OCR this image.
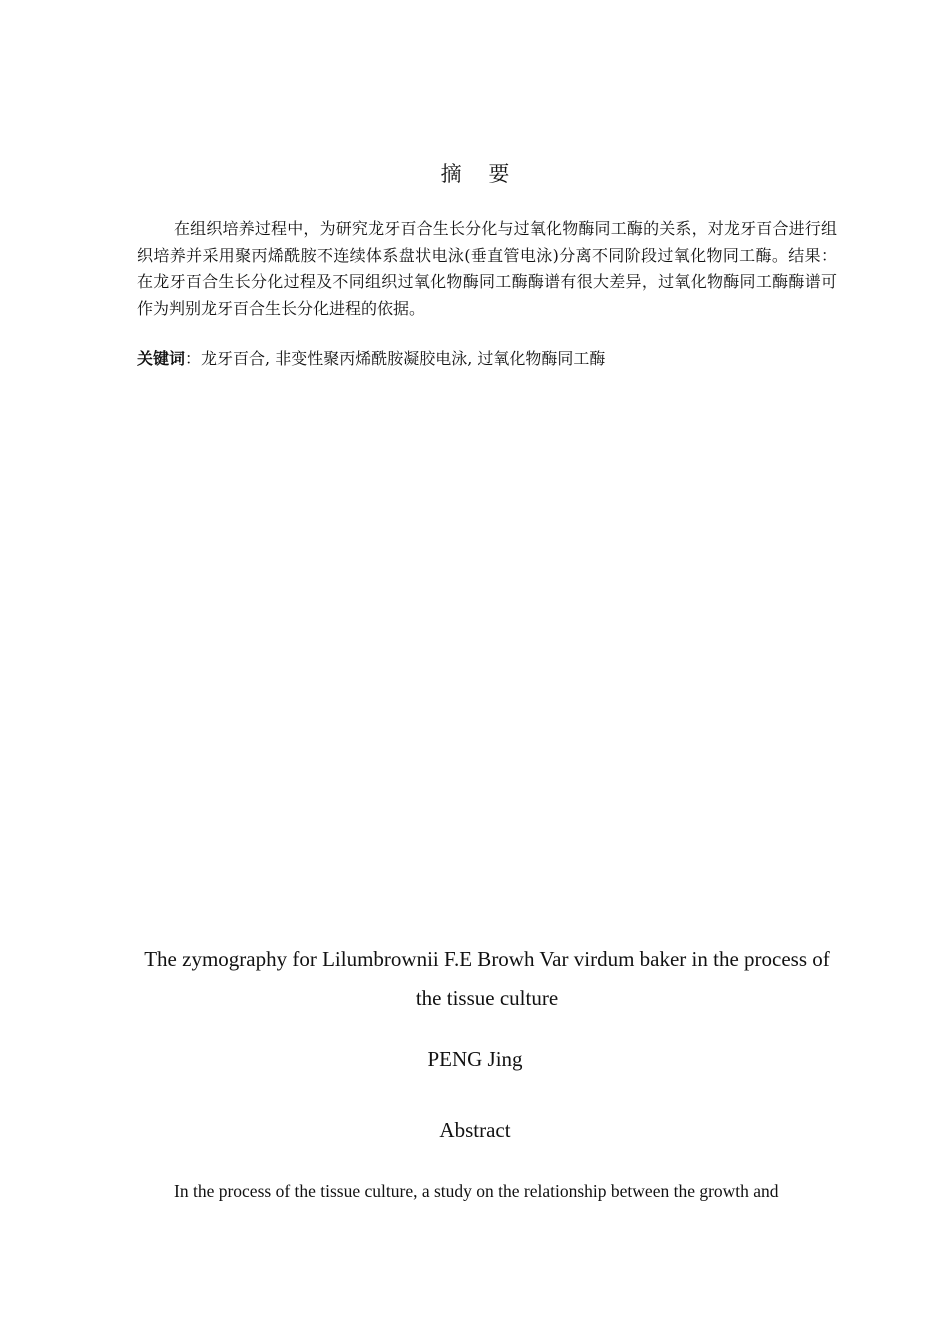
摘 要

在组织培养过程中，为研究龙牙百合生长分化与过氧化物酶同工酶的关系，对龙牙百合进行组织培养并采用聚丙烯酰胺不连续体系盘状电泳(垂直管电泳)分离不同阶段过氧化物同工酶。结果：在龙牙百合生长分化过程及不同组织过氧化物酶同工酶酶谱有很大差异，过氧化物酶同工酶酶谱可作为判别龙牙百合生长分化进程的依据。

关键词：龙牙百合, 非变性聚丙烯酰胺凝胶电泳, 过氧化物酶同工酶

The zymography for Lilumbrownii F.E Browh Var virdum baker in the process of the tissue culture

PENG Jing

Abstract

In the process of the tissue culture, a study on the relationship between the growth and
